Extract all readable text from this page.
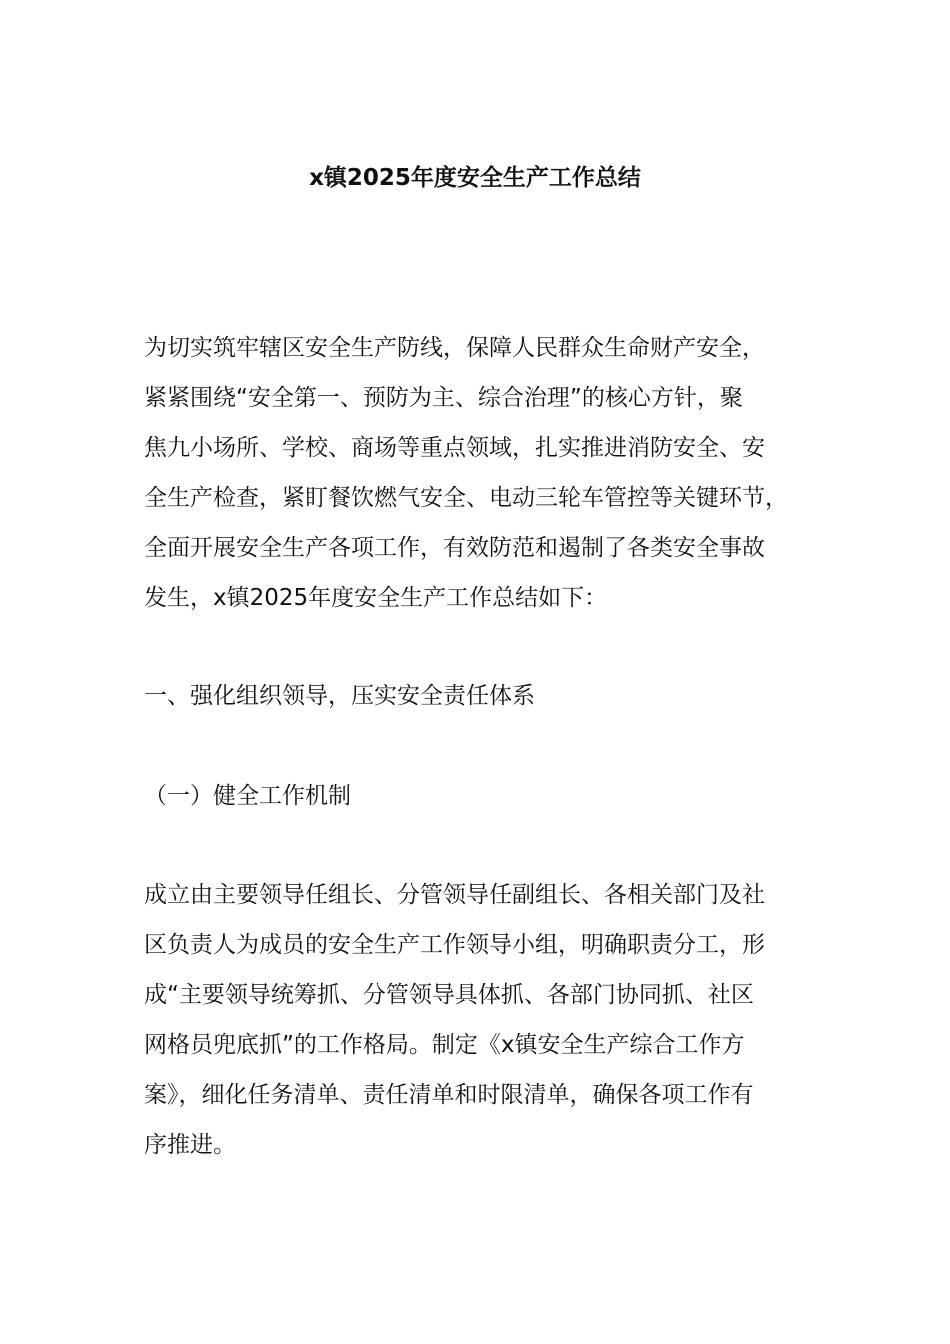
x镇2025年度安全生产工作总结
为切实筑牢辖区安全生产防线，保障人民群众生命财产安全，
紧紧围绕“安全第一、预防为主、综合治理”的核心方针，聚
焦九小场所、学校、商场等重点领域，扎实推进消防安全、安
全生产检查，紧盯餐饮燃气安全、电动三轮车管控等关键环节，
全面开展安全生产各项工作，有效防范和遏制了各类安全事故
发生，x镇2025年度安全生产工作总结如下：
一、强化组织领导，压实安全责任体系
（一）健全工作机制
成立由主要领导任组长、分管领导任副组长、各相关部门及社
区负责人为成员的安全生产工作领导小组，明确职责分工，形
成“主要领导统筹抓、分管领导具体抓、各部门协同抓、社区
网格员兜底抓”的工作格局。制定《x镇安全生产综合工作方
案》，细化任务清单、责任清单和时限清单，确保各项工作有
序推进。
